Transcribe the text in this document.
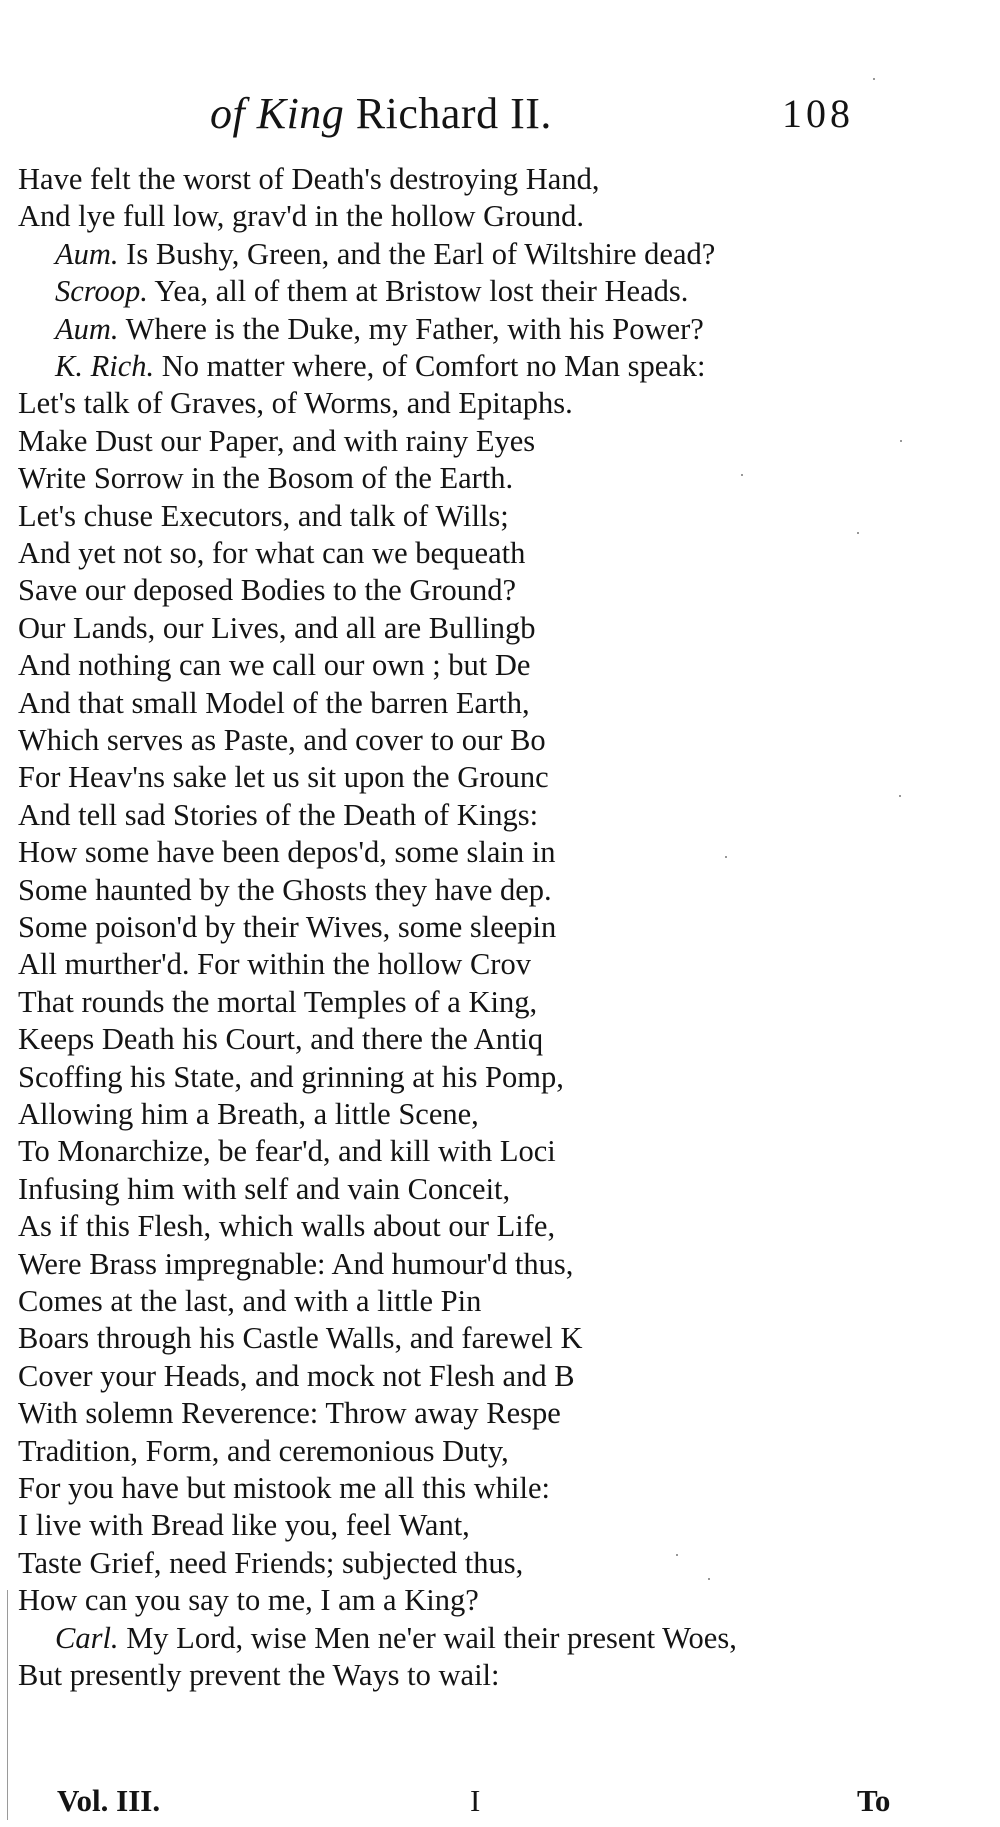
of King Richard II.	108
Have felt the worst of Death's destroying Hand,
And lye full low, grav'd in the hollow Ground.
Aum. Is Bushy, Green, and the Earl of Wiltshire dead?
Scroop. Yea, all of them at Bristow lost their Heads.
Aum. Where is the Duke, my Father, with his Power?
K. Rich. No matter where, of Comfort no Man speak:
Let's talk of Graves, of Worms, and Epitaphs.
Make Dust our Paper, and with rainy Eyes
Write Sorrow in the Bosom of the Earth.
Let's chuse Executors, and talk of Wills;
And yet not so, for what can we bequeath
Save our deposed Bodies to the Ground?
Our Lands, our Lives, and all are Bullingb
And nothing can we call our own ; but De
And that small Model of the barren Earth,
Which serves as Paste, and cover to our Bo
For Heav'ns sake let us sit upon the Grounc
And tell sad Stories of the Death of Kings:
How some have been depos'd, some slain in
Some haunted by the Ghosts they have dep.
Some poison'd by their Wives, some sleepin
All murther'd. For within the hollow Crov
That rounds the mortal Temples of a King,
Keeps Death his Court, and there the Antiq
Scoffing his State, and grinning at his Pomp,
Allowing him a Breath, a little Scene,
To Monarchize, be fear'd, and kill with Loci
Infusing him with self and vain Conceit,
As if this Flesh, which walls about our Life,
Were Brass impregnable: And humour'd thus,
Comes at the last, and with a little Pin
Boars through his Castle Walls, and farewel K
Cover your Heads, and mock not Flesh and B
With solemn Reverence: Throw away Respe
Tradition, Form, and ceremonious Duty,
For you have but mistook me all this while:
I live with Bread like you, feel Want,
Taste Grief, need Friends; subjected thus,
How can you say to me, I am a King?
Carl. My Lord, wise Men ne'er wail their present Woes,
But presently prevent the Ways to wail:
Vol. III.	I	To
